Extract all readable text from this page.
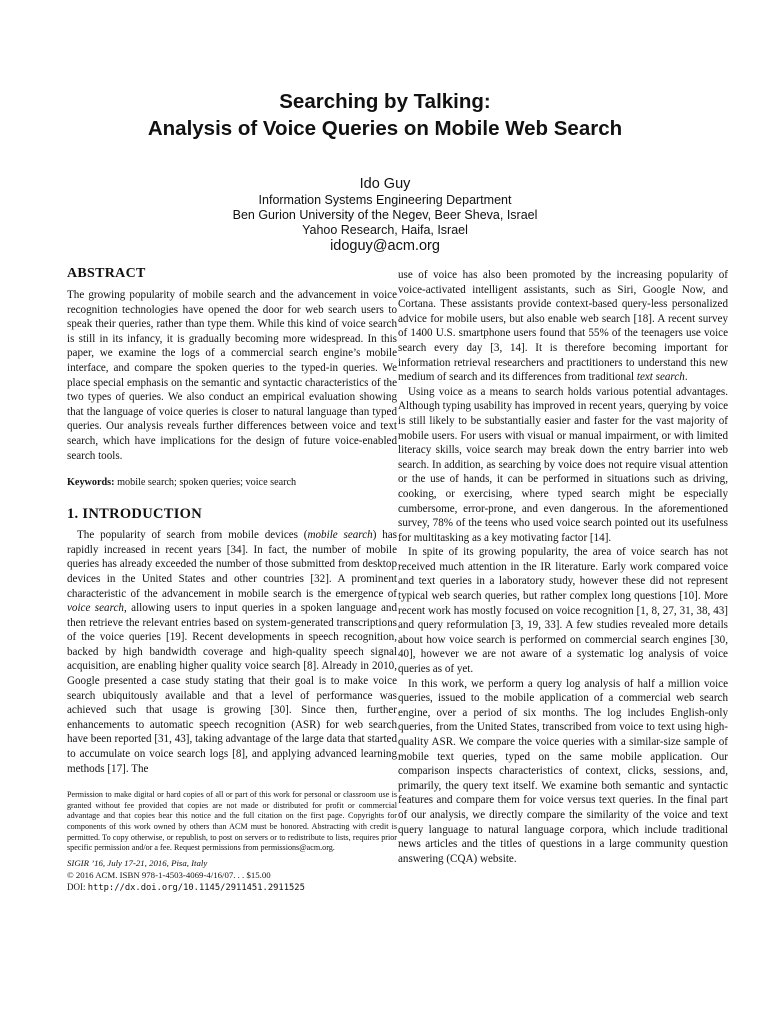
Searching by Talking:
Analysis of Voice Queries on Mobile Web Search
Ido Guy
Information Systems Engineering Department
Ben Gurion University of the Negev, Beer Sheva, Israel
Yahoo Research, Haifa, Israel
idoguy@acm.org
ABSTRACT

The growing popularity of mobile search and the advancement in voice recognition technologies have opened the door for web search users to speak their queries, rather than type them. While this kind of voice search is still in its infancy, it is gradually becoming more widespread. In this paper, we examine the logs of a commercial search engine’s mobile interface, and compare the spoken queries to the typed-in queries. We place special emphasis on the semantic and syntactic characteristics of the two types of queries. We also conduct an empirical evaluation showing that the language of voice queries is closer to natural language than typed queries. Our analysis reveals further differences between voice and text search, which have implications for the design of future voice-enabled search tools.

Keywords: mobile search; spoken queries; voice search

1. INTRODUCTION

The popularity of search from mobile devices (mobile search) has rapidly increased in recent years [34]. In fact, the number of mobile queries has already exceeded the number of those submitted from desktop devices in the United States and other countries [32]. A prominent characteristic of the advancement in mobile search is the emergence of voice search, allowing users to input queries in a spoken language and then retrieve the relevant entries based on system-generated transcriptions of the voice queries [19]. Recent developments in speech recognition, backed by high bandwidth coverage and high-quality speech signal acquisition, are enabling higher quality voice search [8]. Already in 2010, Google presented a case study stating that their goal is to make voice search ubiquitously available and that a level of performance was achieved such that usage is growing [30]. Since then, further enhancements to automatic speech recognition (ASR) for web search have been reported [31, 43], taking advantage of the large data that started to accumulate on voice search logs [8], and applying advanced learning methods [17]. The

Permission to make digital or hard copies of all or part of this work for personal or classroom use is granted without fee provided that copies are not made or distributed for profit or commercial advantage and that copies bear this notice and the full citation on the first page. Copyrights for components of this work owned by others than ACM must be honored. Abstracting with credit is permitted. To copy otherwise, or republish, to post on servers or to redistribute to lists, requires prior specific permission and/or a fee. Request permissions from permissions@acm.org.

SIGIR ’16, July 17-21, 2016, Pisa, Italy

© 2016 ACM. ISBN 978-1-4503-4069-4/16/07. . . $15.00

DOI: http://dx.doi.org/10.1145/2911451.2911525

use of voice has also been promoted by the increasing popularity of voice-activated intelligent assistants, such as Siri, Google Now, and Cortana. These assistants provide context-based query-less personalized advice for mobile users, but also enable web search [18]. A recent survey of 1400 U.S. smartphone users found that 55% of the teenagers use voice search every day [3, 14]. It is therefore becoming important for information retrieval researchers and practitioners to understand this new medium of search and its differences from traditional text search.

Using voice as a means to search holds various potential advantages. Although typing usability has improved in recent years, querying by voice is still likely to be substantially easier and faster for the vast majority of mobile users. For users with visual or manual impairment, or with limited literacy skills, voice search may break down the entry barrier into web search. In addition, as searching by voice does not require visual attention or the use of hands, it can be performed in situations such as driving, cooking, or exercising, where typed search might be especially cumbersome, error-prone, and even dangerous. In the aforementioned survey, 78% of the teens who used voice search pointed out its usefulness for multitasking as a key motivating factor [14].

In spite of its growing popularity, the area of voice search has not received much attention in the IR literature. Early work compared voice and text queries in a laboratory study, however these did not represent typical web search queries, but rather complex long questions [10]. More recent work has mostly focused on voice recognition [1, 8, 27, 31, 38, 43] and query reformulation [3, 19, 33]. A few studies revealed more details about how voice search is performed on commercial search engines [30, 40], however we are not aware of a systematic log analysis of voice queries as of yet.

In this work, we perform a query log analysis of half a million voice queries, issued to the mobile application of a commercial web search engine, over a period of six months. The log includes English-only queries, from the United States, transcribed from voice to text using high-quality ASR. We compare the voice queries with a similar-size sample of mobile text queries, typed on the same mobile application. Our comparison inspects characteristics of context, clicks, sessions, and, primarily, the query text itself. We examine both semantic and syntactic features and compare them for voice versus text queries. In the final part of our analysis, we directly compare the similarity of the voice and text query language to natural language corpora, which include traditional news articles and the titles of questions in a large community question answering (CQA) website.
